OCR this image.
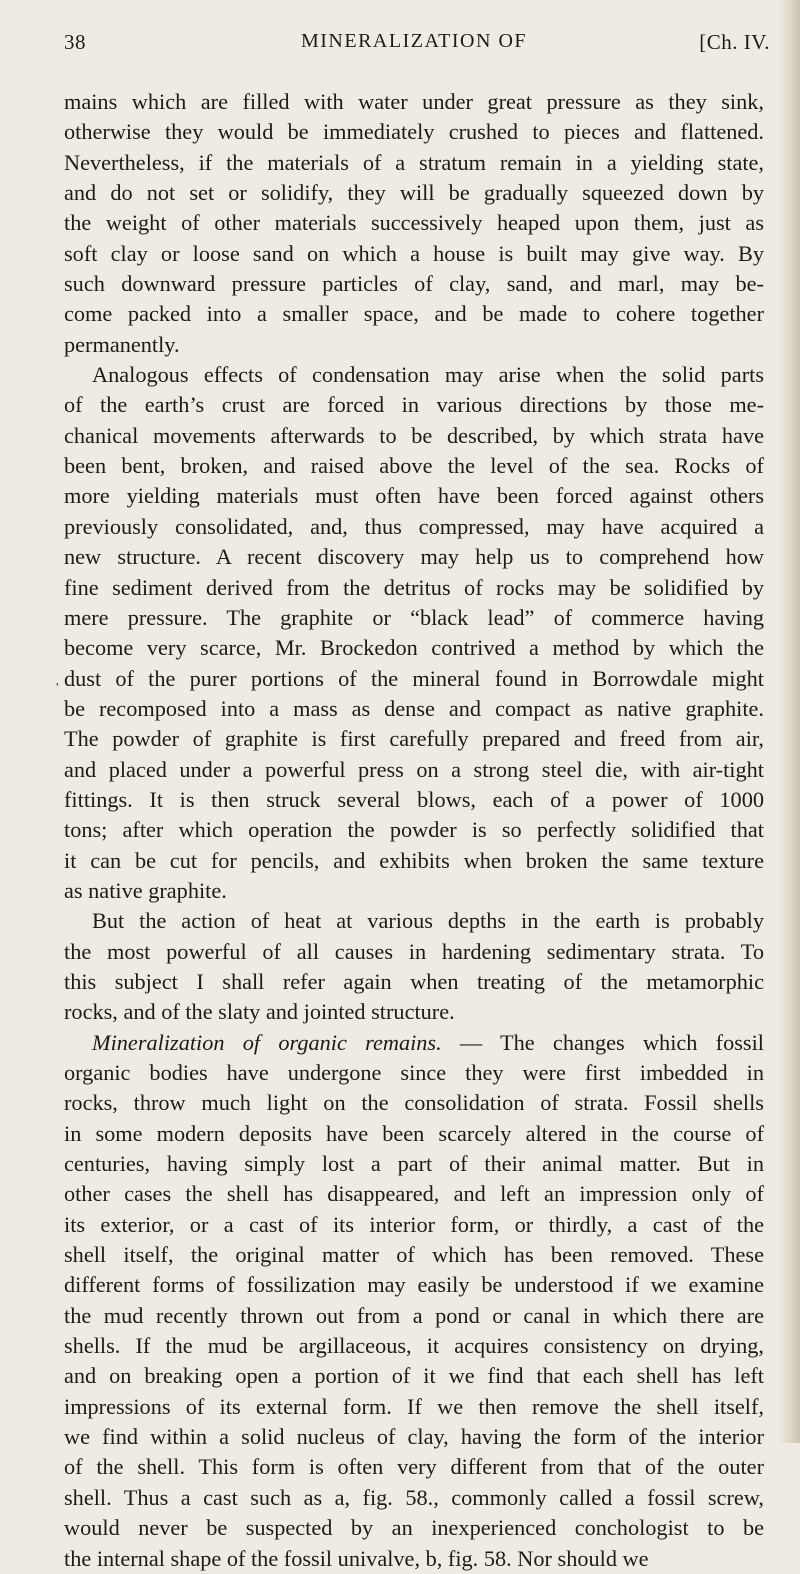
38	MINERALIZATION OF	[Ch. IV.
'
mains which are filled with water under great pressure as they sink,
otherwise they would be immediately crushed to pieces and flattened.
Nevertheless, if the materials of a stratum remain in a yielding state,
and do not set or solidify, they will be gradually squeezed down by
the weight of other materials successively heaped upon them, just as
soft clay or loose sand on which a house is built may give way. By
such downward pressure particles of clay, sand, and marl, may be-
come packed into a smaller space, and be made to cohere together
permanently.
Analogous effects of condensation may arise when the solid parts
of the earth’s crust are forced in various directions by those me-
chanical movements afterwards to be described, by which strata have
been bent, broken, and raised above the level of the sea. Rocks of
more yielding materials must often have been forced against others
previously consolidated, and, thus compressed, may have acquired a
new structure. A recent discovery may help us to comprehend how
fine sediment derived from the detritus of rocks may be solidified by
mere pressure. The graphite or “black lead” of commerce having
become very scarce, Mr. Brockedon contrived a method by which the
dust of the purer portions of the mineral found in Borrowdale might
be recomposed into a mass as dense and compact as native graphite.
The powder of graphite is first carefully prepared and freed from air,
and placed under a powerful press on a strong steel die, with air-tight
fittings. It is then struck several blows, each of a power of 1000
tons; after which operation the powder is so perfectly solidified that
it can be cut for pencils, and exhibits when broken the same texture
as native graphite.
But the action of heat at various depths in the earth is probably
the most powerful of all causes in hardening sedimentary strata. To
this subject I shall refer again when treating of the metamorphic
rocks, and of the slaty and jointed structure.
Mineralization of organic remains. — The changes which fossil
organic bodies have undergone since they were first imbedded in
rocks, throw much light on the consolidation of strata. Fossil shells
in some modern deposits have been scarcely altered in the course of
centuries, having simply lost a part of their animal matter. But in
other cases the shell has disappeared, and left an impression only of
its exterior, or a cast of its interior form, or thirdly, a cast of the
shell itself, the original matter of which has been removed. These
different forms of fossilization may easily be understood if we examine
the mud recently thrown out from a pond or canal in which there are
shells. If the mud be argillaceous, it acquires consistency on drying,
and on breaking open a portion of it we find that each shell has left
impressions of its external form. If we then remove the shell itself,
we find within a solid nucleus of clay, having the form of the interior
of the shell. This form is often very different from that of the outer
shell. Thus a cast such as a, fig. 58., commonly called a fossil screw,
would never be suspected by an inexperienced conchologist to be
the internal shape of the fossil univalve, b, fig. 58. Nor should we
